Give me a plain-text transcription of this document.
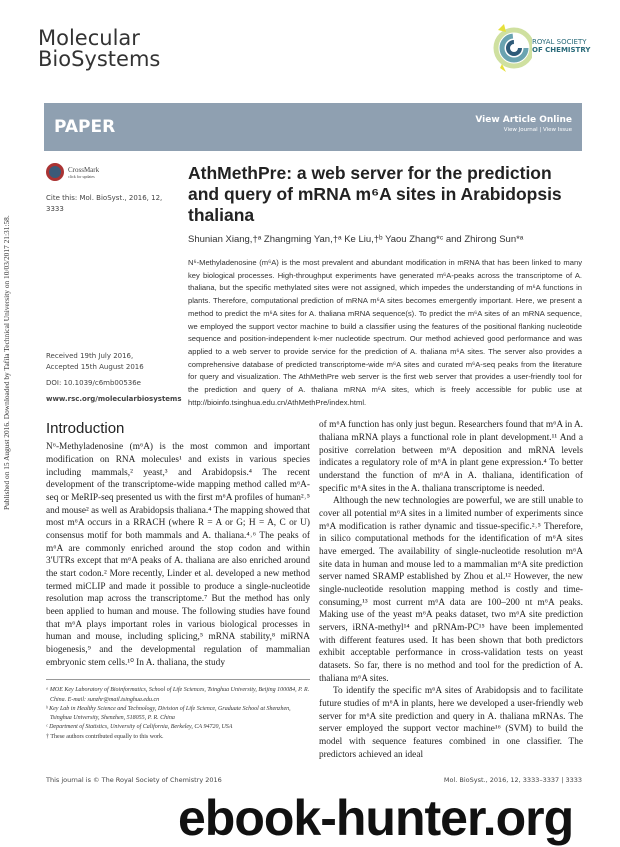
Published on 15 August 2016. Downloaded by Tafila Technical University on 10/03/2017 21:31:58.
Molecular
BioSystems
ROYAL SOCIETY
OF CHEMISTRY
PAPER	View Article Online
View Journal | View Issue
CrossMark
click for updates
Cite this: Mol. BioSyst., 2016, 12, 3333
Received 19th July 2016,
Accepted 15th August 2016
DOI: 10.1039/c6mb00536e
www.rsc.org/molecularbiosystems
AthMethPre: a web server for the prediction and query of mRNA m⁶A sites in Arabidopsis thaliana
Shunian Xiang,†ᵃ Zhangming Yan,†ᵃ Ke Liu,†ᵇ Yaou Zhang*ᶜ and Zhirong Sun*ᵃ
N⁶-Methyladenosine (m⁶A) is the most prevalent and abundant modification in mRNA that has been linked to many key biological processes. High-throughput experiments have generated m⁶A-peaks across the transcriptome of A. thaliana, but the specific methylated sites were not assigned, which impedes the understanding of m⁶A functions in plants. Therefore, computational prediction of mRNA m⁶A sites becomes emergently important. Here, we present a method to predict the m⁶A sites for A. thaliana mRNA sequence(s). To predict the m⁶A sites of an mRNA sequence, we employed the support vector machine to build a classifier using the features of the positional flanking nucleotide sequence and position-independent k-mer nucleotide spectrum. Our method achieved good performance and was applied to a web server to provide service for the prediction of A. thaliana m⁶A sites. The server also provides a comprehensive database of predicted transcriptome-wide m⁶A sites and curated m⁶A-seq peaks from the literature for query and visualization. The AthMethPre web server is the first web server that provides a user-friendly tool for the prediction and query of A. thaliana mRNA m⁶A sites, which is freely accessible for public use at http://bioinfo.tsinghua.edu.cn/AthMethPre/index.html.
Introduction
N⁶-Methyladenosine (m⁶A) is the most common and important modification on RNA molecules¹ and exists in various species including mammals,² yeast,³ and Arabidopsis.⁴ The recent development of the transcriptome-wide mapping method called m⁶A-seq or MeRIP-seq presented us with the first m⁶A profiles of human²˒⁵ and mouse² as well as Arabidopsis thaliana.⁴ The mapping showed that most m⁶A occurs in a RRACH (where R = A or G; H = A, C or U) consensus motif for both mammals and A. thaliana.⁴˒⁶ The peaks of m⁶A are commonly enriched around the stop codon and within 3'UTRs except that m⁶A peaks of A. thaliana are also enriched around the start codon.² More recently, Linder et al. developed a new method termed miCLIP and made it possible to produce a single-nucleotide resolution map across the transcriptome.⁷ But the method has only been applied to human and mouse. The following studies have found that m⁶A plays important roles in various biological processes in human and mouse, including splicing,⁵ mRNA stability,⁸ miRNA biogenesis,⁹ and the developmental regulation of mammalian embryonic stem cells.¹⁰ In A. thaliana, the study
ᵃ MOE Key Laboratory of Bioinformatics, School of Life Sciences, Tsinghua University, Beijing 100084, P. R. China. E-mail: sunzhr@mail.tsinghua.edu.cn
ᵇ Key Lab in Healthy Science and Technology, Division of Life Science, Graduate School at Shenzhen, Tsinghua University, Shenzhen, 518055, P. R. China
ᶜ Department of Statistics, University of California, Berkeley, CA 94720, USA
† These authors contributed equally to this work.

of m⁶A function has only just begun. Researchers found that m⁶A in A. thaliana mRNA plays a functional role in plant development.¹¹ And a positive correlation between m⁶A deposition and mRNA levels indicates a regulatory role of m⁶A in plant gene expression.⁴ To better understand the function of m⁶A in A. thaliana, identification of specific m⁶A sites in the A. thaliana transcriptome is needed.

Although the new technologies are powerful, we are still unable to cover all potential m⁶A sites in a limited number of experiments since m⁶A modification is rather dynamic and tissue-specific.²˒⁵ Therefore, in silico computational methods for the identification of m⁶A sites have emerged. The availability of single-nucleotide resolution m⁶A site data in human and mouse led to a mammalian m⁶A site prediction server named SRAMP established by Zhou et al.¹² However, the new single-nucleotide resolution mapping method is costly and time-consuming,¹³ most current m⁶A data are 100–200 nt m⁶A peaks. Making use of the yeast m⁶A peaks dataset, two m⁶A site prediction servers, iRNA-methyl¹⁴ and pRNAm-PC¹⁵ have been implemented with different features used. It has been shown that both predictors exhibit acceptable performance in cross-validation tests on yeast datasets. So far, there is no method and tool for the prediction of A. thaliana m⁶A sites.

To identify the specific m⁶A sites of Arabidopsis and to facilitate future studies of m⁶A in plants, here we developed a user-friendly web server for m⁶A site prediction and query in A. thaliana mRNAs. The server employed the support vector machine¹⁶ (SVM) to build the model with sequence features combined in one classifier. The predictors achieved an ideal

This journal is © The Royal Society of Chemistry 2016	Mol. BioSyst., 2016, 12, 3333–3337 | 3333
ebook-hunter.org
